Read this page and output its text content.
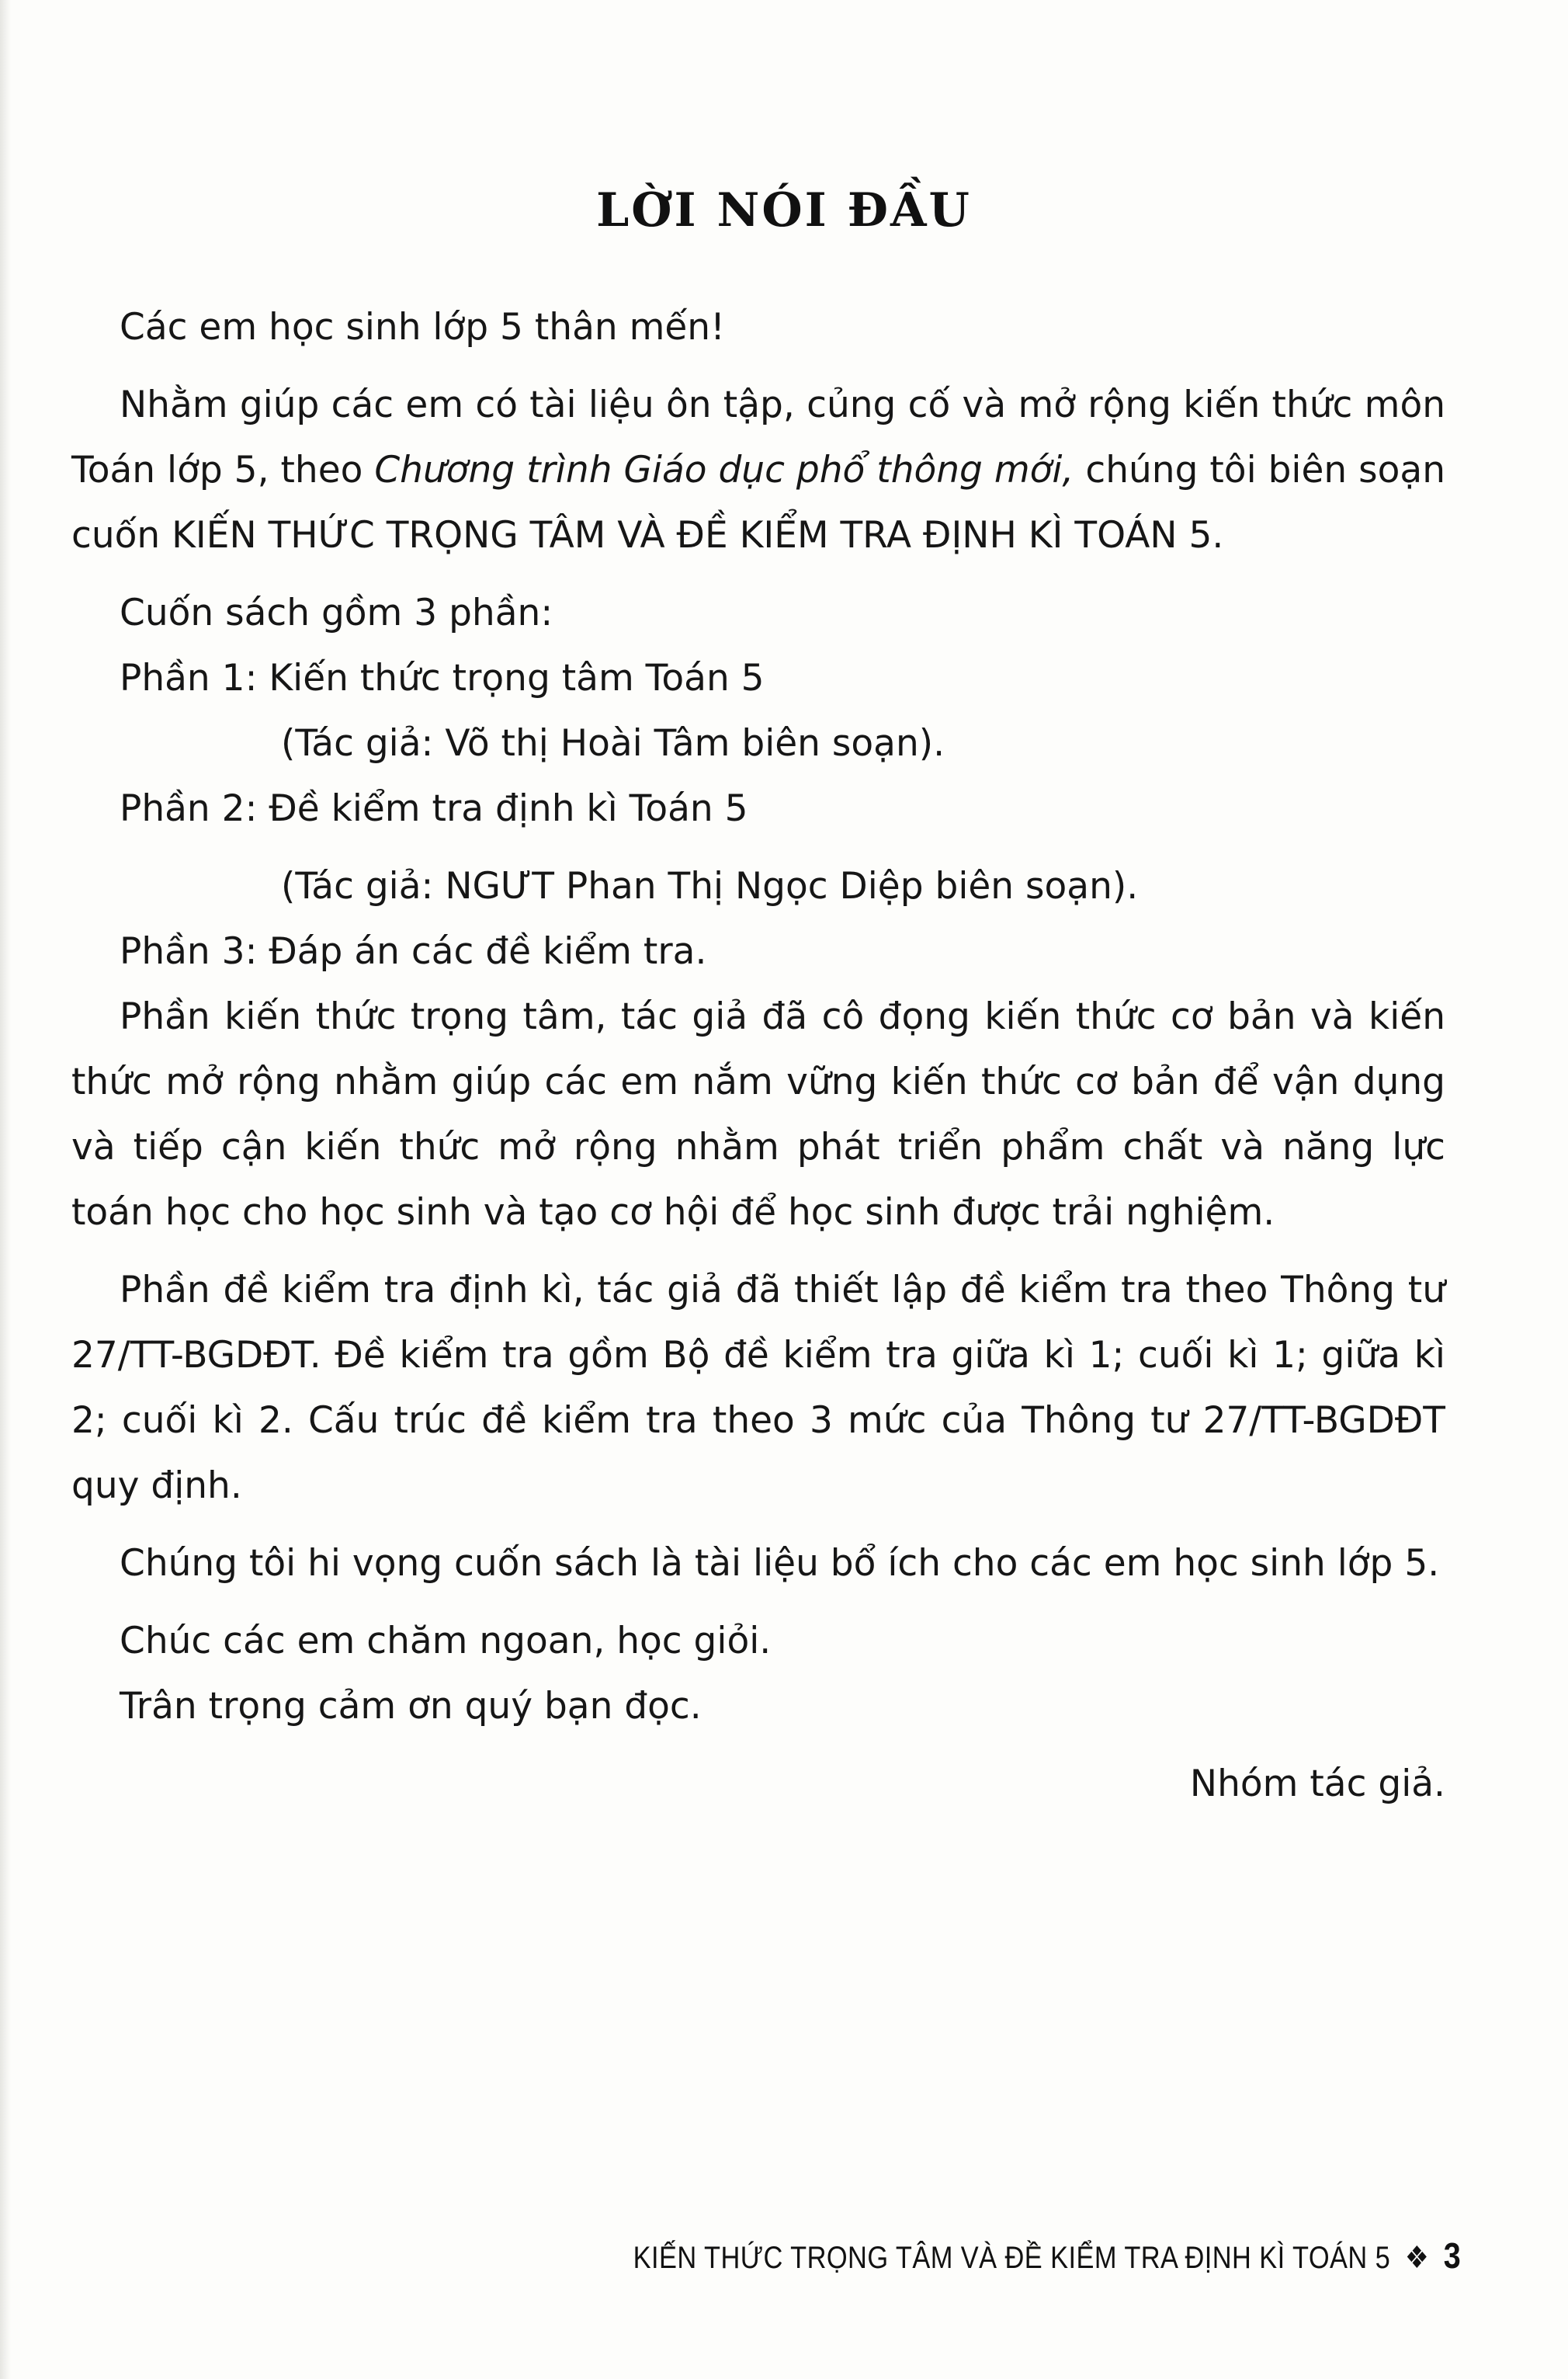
LỜI NÓI ĐẦU

Các em học sinh lớp 5 thân mến!

Nhằm giúp các em có tài liệu ôn tập, củng cố và mở rộng kiến thức môn Toán lớp 5, theo Chương trình Giáo dục phổ thông mới, chúng tôi biên soạn cuốn KIẾN THỨC TRỌNG TÂM VÀ ĐỀ KIỂM TRA ĐỊNH KÌ TOÁN 5.

Cuốn sách gồm 3 phần:

Phần 1: Kiến thức trọng tâm Toán 5

(Tác giả: Võ thị Hoài Tâm biên soạn).

Phần 2: Đề kiểm tra định kì Toán 5

(Tác giả: NGƯT Phan Thị Ngọc Diệp biên soạn).

Phần 3: Đáp án các đề kiểm tra.

Phần kiến thức trọng tâm, tác giả đã cô đọng kiến thức cơ bản và kiến thức mở rộng nhằm giúp các em nắm vững kiến thức cơ bản để vận dụng và tiếp cận kiến thức mở rộng nhằm phát triển phẩm chất và năng lực toán học cho học sinh và tạo cơ hội để học sinh được trải nghiệm.

Phần đề kiểm tra định kì, tác giả đã thiết lập đề kiểm tra theo Thông tư 27/TT-BGDĐT. Đề kiểm tra gồm Bộ đề kiểm tra giữa kì 1; cuối kì 1; giữa kì 2; cuối kì 2. Cấu trúc đề kiểm tra theo 3 mức của Thông tư 27/TT-BGDĐT quy định.

Chúng tôi hi vọng cuốn sách là tài liệu bổ ích cho các em học sinh lớp 5.

Chúc các em chăm ngoan, học giỏi.

Trân trọng cảm ơn quý bạn đọc.

Nhóm tác giả.

KIẾN THỨC TRỌNG TÂM VÀ ĐỀ KIỂM TRA ĐỊNH KÌ TOÁN 5 ❖ 3
